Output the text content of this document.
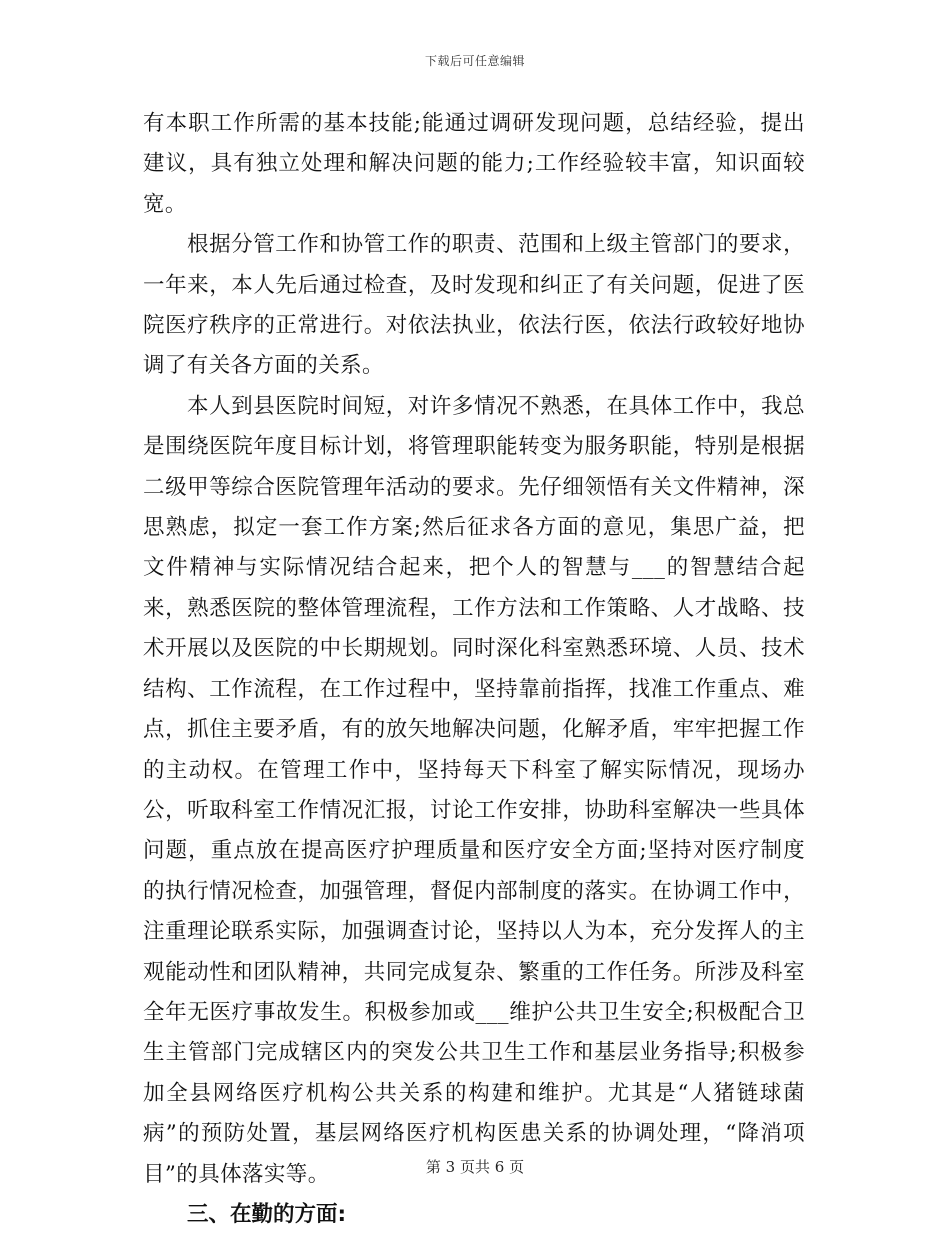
下载后可任意编辑

有本职工作所需的基本技能;能通过调研发现问题，总结经验，提出建议，具有独立处理和解决问题的能力;工作经验较丰富，知识面较宽。

根据分管工作和协管工作的职责、范围和上级主管部门的要求，一年来，本人先后通过检查，及时发现和纠正了有关问题，促进了医院医疗秩序的正常进行。对依法执业，依法行医，依法行政较好地协调了有关各方面的关系。

本人到县医院时间短，对许多情况不熟悉，在具体工作中，我总是围绕医院年度目标计划，将管理职能转变为服务职能，特别是根据二级甲等综合医院管理年活动的要求。先仔细领悟有关文件精神，深思熟虑，拟定一套工作方案;然后征求各方面的意见，集思广益，把文件精神与实际情况结合起来，把个人的智慧与___的智慧结合起来，熟悉医院的整体管理流程，工作方法和工作策略、人才战略、技术开展以及医院的中长期规划。同时深化科室熟悉环境、人员、技术结构、工作流程，在工作过程中，坚持靠前指挥，找准工作重点、难点，抓住主要矛盾，有的放矢地解决问题，化解矛盾，牢牢把握工作的主动权。在管理工作中，坚持每天下科室了解实际情况，现场办公，听取科室工作情况汇报，讨论工作安排，协助科室解决一些具体问题，重点放在提高医疗护理质量和医疗安全方面;坚持对医疗制度的执行情况检查，加强管理，督促内部制度的落实。在协调工作中，注重理论联系实际，加强调查讨论，坚持以人为本，充分发挥人的主观能动性和团队精神，共同完成复杂、繁重的工作任务。所涉及科室全年无医疗事故发生。积极参加或___维护公共卫生安全;积极配合卫生主管部门完成辖区内的突发公共卫生工作和基层业务指导;积极参加全县网络医疗机构公共关系的构建和维护。尤其是“人猪链球菌病”的预防处置，基层网络医疗机构医患关系的协调处理，“降消项目”的具体落实等。

三、在勤的方面:

第 3 页共 6 页
